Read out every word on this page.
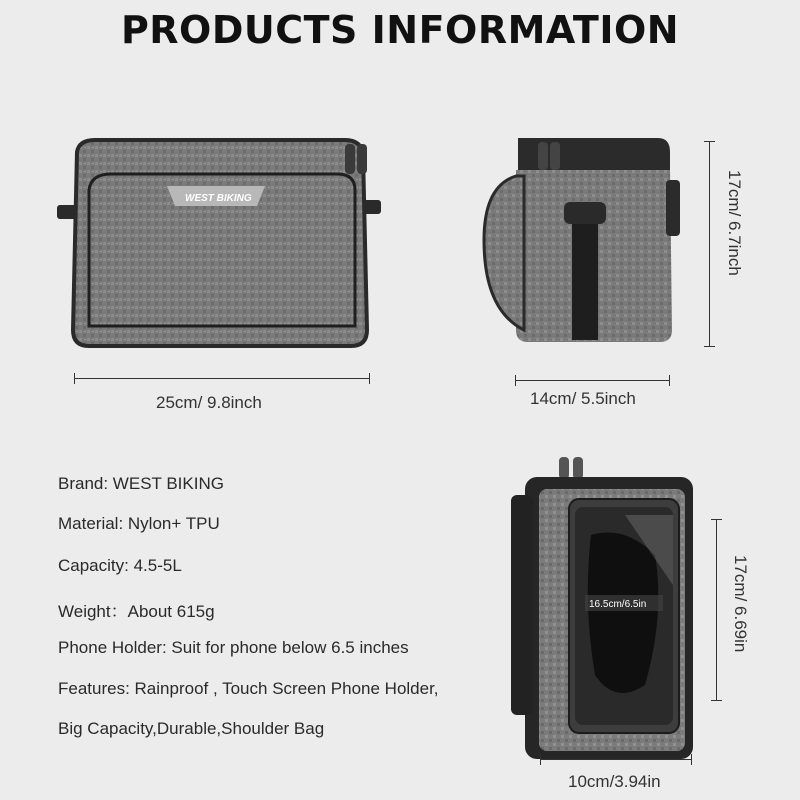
PRODUCTS INFORMATION
WEST BIKING
25cm/ 9.8inch	14cm/ 5.5inch
17cm/ 6.7inch
Brand: WEST BIKING
Material: Nylon+ TPU
Capacity: 4.5-5L
Weight：About 615g
Phone Holder: Suit for phone below 6.5 inches
Features: Rainproof , Touch Screen Phone Holder,
Big Capacity,Durable,Shoulder Bag
16.5cm/6.5in	17cm/ 6.69in
10cm/3.94in
